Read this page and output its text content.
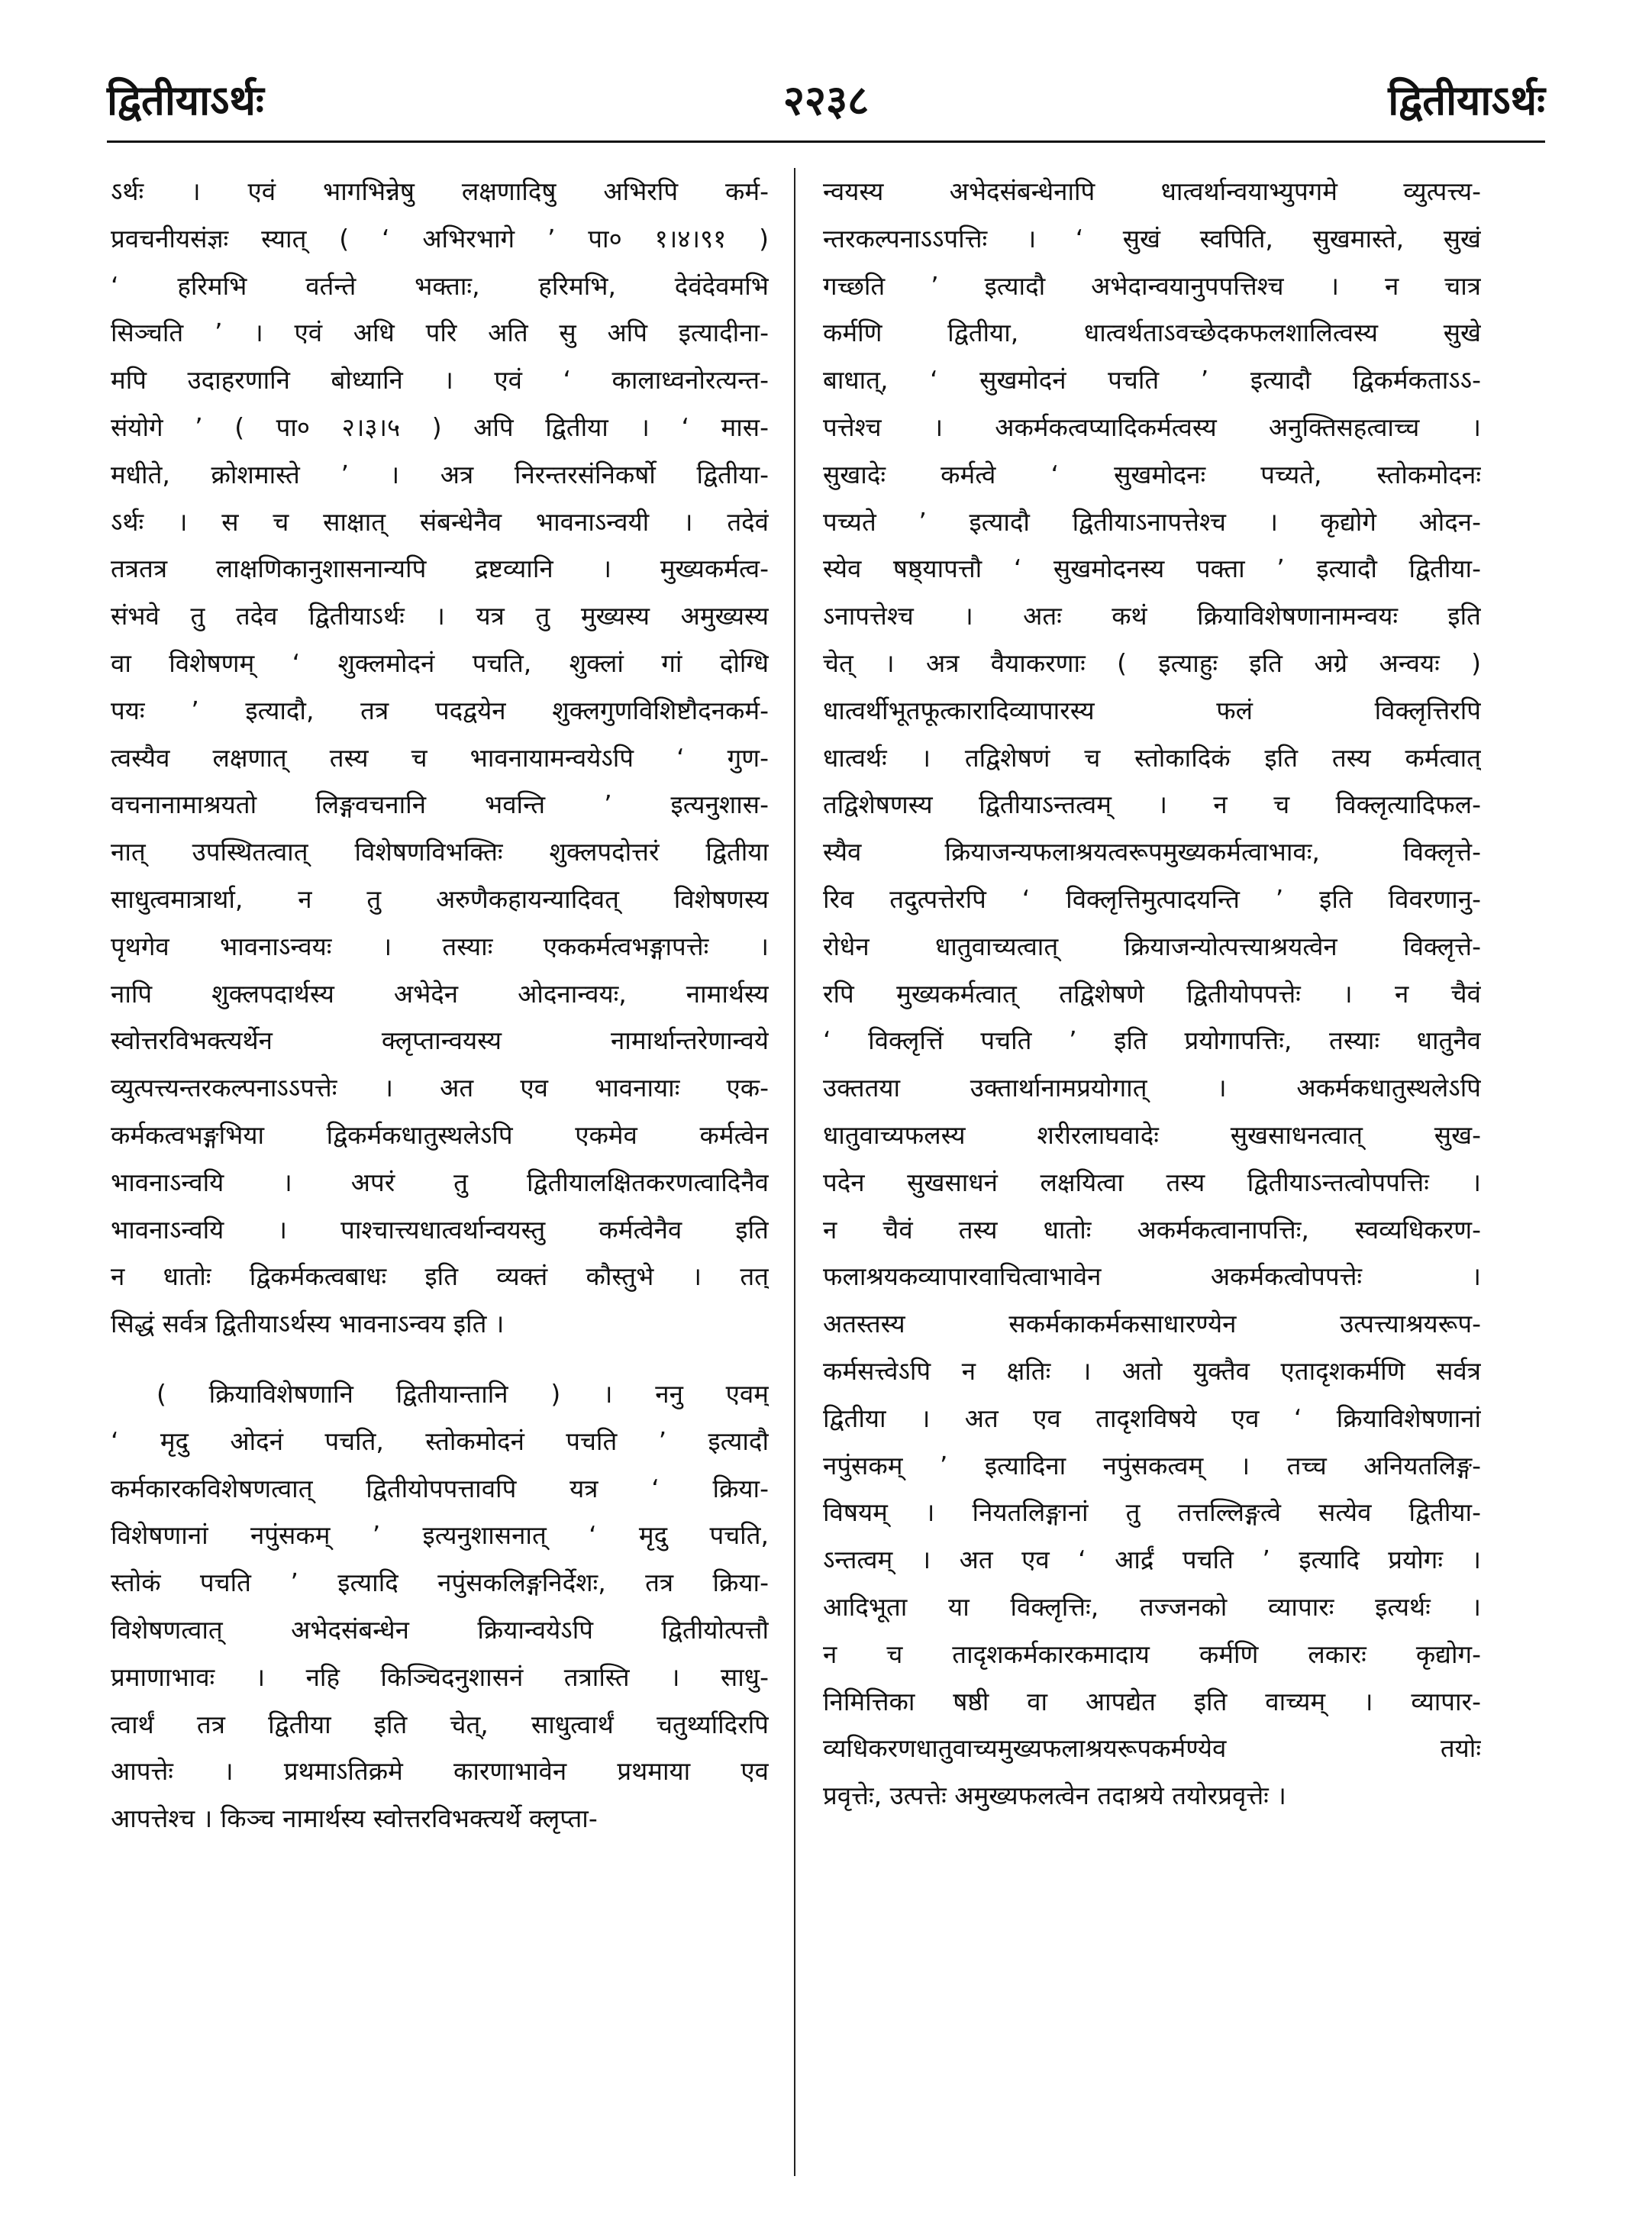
द्वितीयाऽर्थः	२२३८	द्वितीयाऽर्थः
ऽर्थः । एवं भागभिन्नेषु लक्षणादिषु अभिरपि कर्म-
प्रवचनीयसंज्ञः स्यात् ( ‘ अभिरभागे ’ पा० १।४।९१ )
‘ हरिमभि वर्तन्ते भक्ताः, हरिमभि, देवंदेवमभि
सिञ्चति ’ । एवं अधि परि अति सु अपि इत्यादीना-
मपि उदाहरणानि बोध्यानि । एवं ‘ कालाध्वनोरत्यन्त-
संयोगे ’ ( पा० २।३।५ ) अपि द्वितीया । ‘ मास-
मधीते, क्रोशमास्ते ’ । अत्र निरन्तरसंनिकर्षो द्वितीया-
ऽर्थः । स च साक्षात् संबन्धेनैव भावनाऽन्वयी । तदेवं
तत्रतत्र लाक्षणिकानुशासनान्यपि द्रष्टव्यानि । मुख्यकर्मत्व-
संभवे तु तदेव द्वितीयाऽर्थः । यत्र तु मुख्यस्य अमुख्यस्य
वा विशेषणम् ‘ शुक्लमोदनं पचति, शुक्लां गां दोग्धि
पयः ’ इत्यादौ, तत्र पदद्वयेन शुक्लगुणविशिष्टौदनकर्म-
त्वस्यैव लक्षणात् तस्य च भावनायामन्वयेऽपि ‘ गुण-
वचनानामाश्रयतो लिङ्गवचनानि भवन्ति ’ इत्यनुशास-
नात् उपस्थितत्वात् विशेषणविभक्तिः शुक्लपदोत्तरं द्वितीया
साधुत्वमात्रार्था, न तु अरुणैकहायन्यादिवत् विशेषणस्य
पृथगेव भावनाऽन्वयः । तस्याः एककर्मत्वभङ्गापत्तेः ।
नापि शुक्लपदार्थस्य अभेदेन ओदनान्वयः, नामार्थस्य
स्वोत्तरविभक्त्यर्थेन क्लृप्तान्वयस्य नामार्थान्तरेणान्वये
व्युत्पत्त्यन्तरकल्पनाऽऽपत्तेः । अत एव भावनायाः एक-
कर्मकत्वभङ्गभिया द्विकर्मकधातुस्थलेऽपि एकमेव कर्मत्वेन
भावनाऽन्वयि । अपरं तु द्वितीयालक्षितकरणत्वादिनैव
भावनाऽन्वयि । पाश्चात्त्यधात्वर्थान्वयस्तु कर्मत्वेनैव इति
न धातोः द्विकर्मकत्वबाधः इति व्यक्तं कौस्तुभे । तत्
सिद्धं सर्वत्र द्वितीयाऽर्थस्य भावनाऽन्वय इति ।
( क्रियाविशेषणानि द्वितीयान्तानि ) । ननु एवम्
‘ मृदु ओदनं पचति, स्तोकमोदनं पचति ’ इत्यादौ
कर्मकारकविशेषणत्वात् द्वितीयोपपत्तावपि यत्र ‘ क्रिया-
विशेषणानां नपुंसकम् ’ इत्यनुशासनात् ‘ मृदु पचति,
स्तोकं पचति ’ इत्यादि नपुंसकलिङ्गनिर्देशः, तत्र क्रिया-
विशेषणत्वात् अभेदसंबन्धेन क्रियान्वयेऽपि द्वितीयोत्पत्तौ
प्रमाणाभावः । नहि किञ्चिदनुशासनं तत्रास्ति । साधु-
त्वार्थं तत्र द्वितीया इति चेत्, साधुत्वार्थं चतुर्थ्यादिरपि
आपत्तेः । प्रथमाऽतिक्रमे कारणाभावेन प्रथमाया एव
आपत्तेश्च । किञ्च नामार्थस्य स्वोत्तरविभक्त्यर्थे क्लृप्ता-
न्वयस्य अभेदसंबन्धेनापि धात्वर्थान्वयाभ्युपगमे व्युत्पत्त्य-
न्तरकल्पनाऽऽपत्तिः । ‘ सुखं स्वपिति, सुखमास्ते, सुखं
गच्छति ’ इत्यादौ अभेदान्वयानुपपत्तिश्च । न चात्र
कर्मणि द्वितीया, धात्वर्थताऽवच्छेदकफलशालित्वस्य सुखे
बाधात्, ‘ सुखमोदनं पचति ’ इत्यादौ द्विकर्मकताऽऽ-
पत्तेश्च । अकर्मकत्वप्यादिकर्मत्वस्य अनुक्तिसहत्वाच्च ।
सुखादेः कर्मत्वे ‘ सुखमोदनः पच्यते, स्तोकमोदनः
पच्यते ’ इत्यादौ द्वितीयाऽनापत्तेश्च । कृद्योगे ओदन-
स्येव षष्ठ्यापत्तौ ‘ सुखमोदनस्य पक्ता ’ इत्यादौ द्वितीया-
ऽनापत्तेश्च । अतः कथं क्रियाविशेषणानामन्वयः इति
चेत् । अत्र वैयाकरणाः ( इत्याहुः इति अग्रे अन्वयः )
धात्वर्थीभूतफूत्कारादिव्यापारस्य फलं विक्लृत्तिरपि
धात्वर्थः । तद्विशेषणं च स्तोकादिकं इति तस्य कर्मत्वात्
तद्विशेषणस्य द्वितीयाऽन्तत्वम् । न च विक्लृत्यादिफल-
स्यैव क्रियाजन्यफलाश्रयत्वरूपमुख्यकर्मत्वाभावः, विक्लृत्ते-
रिव तदुत्पत्तेरपि ‘ विक्लृत्तिमुत्पादयन्ति ’ इति विवरणानु-
रोधेन धातुवाच्यत्वात् क्रियाजन्योत्पत्त्याश्रयत्वेन विक्लृत्ते-
रपि मुख्यकर्मत्वात् तद्विशेषणे द्वितीयोपपत्तेः । न चैवं
‘ विक्लृत्तिं पचति ’ इति प्रयोगापत्तिः, तस्याः धातुनैव
उक्ततया उक्तार्थानामप्रयोगात् । अकर्मकधातुस्थलेऽपि
धातुवाच्यफलस्य शरीरलाघवादेः सुखसाधनत्वात् सुख-
पदेन सुखसाधनं लक्षयित्वा तस्य द्वितीयाऽन्तत्वोपपत्तिः ।
न चैवं तस्य धातोः अकर्मकत्वानापत्तिः, स्वव्यधिकरण-
फलाश्रयकव्यापारवाचित्वाभावेन अकर्मकत्वोपपत्तेः ।
अतस्तस्य सकर्मकाकर्मकसाधारण्येन उत्पत्त्याश्रयरूप-
कर्मसत्त्वेऽपि न क्षतिः । अतो युक्तैव एतादृशकर्मणि सर्वत्र
द्वितीया । अत एव तादृशविषये एव ‘ क्रियाविशेषणानां
नपुंसकम् ’ इत्यादिना नपुंसकत्वम् । तच्च अनियतलिङ्ग-
विषयम् । नियतलिङ्गानां तु तत्तल्लिङ्गत्वे सत्येव द्वितीया-
ऽन्तत्वम् । अत एव ‘ आर्द्रं पचति ’ इत्यादि प्रयोगः ।
आदिभूता या विक्लृत्तिः, तज्जनको व्यापारः इत्यर्थः ।
न च तादृशकर्मकारकमादाय कर्मणि लकारः कृद्योग-
निमित्तिका षष्ठी वा आपद्येत इति वाच्यम् । व्यापार-
व्यधिकरणधातुवाच्यमुख्यफलाश्रयरूपकर्मण्येव तयोः
प्रवृत्तेः, उत्पत्तेः अमुख्यफलत्वेन तदाश्रये तयोरप्रवृत्तेः ।
